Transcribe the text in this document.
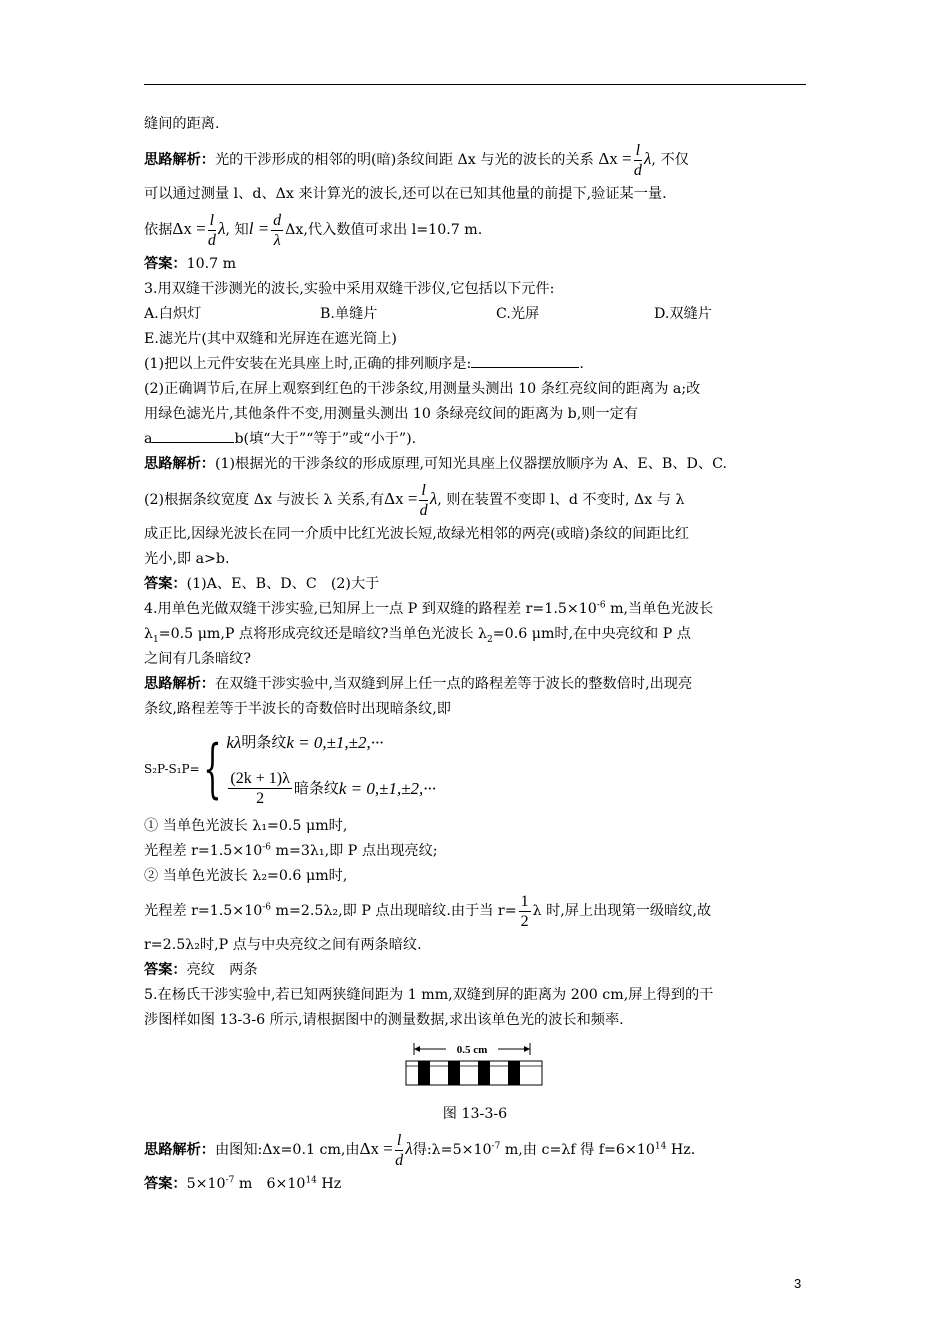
缝间的距离.

思路解析：光的干涉形成的相邻的明(暗)条纹间距 Δx 与光的波长的关系 $\Delta x = \frac{l}{d} \lambda$, 不仅

可以通过测量 l、d、Δx 来计算光的波长,还可以在已知其他量的前提下,验证某一量.

依据$\Delta x = \frac{l}{d} \lambda$, 知$l = \frac{d}{\lambda} \Delta x$,代入数值可求出 l=10.7 m.

答案：10.7 m

3.用双缝干涉测光的波长,实验中采用双缝干涉仪,它包括以下元件:

A.白炽灯	B.单缝片	C.光屏	D.双缝片

E.滤光片(其中双缝和光屏连在遮光筒上)

(1)把以上元件安装在光具座上时,正确的排列顺序是:	.

(2)正确调节后,在屏上观察到红色的干涉条纹,用测量头测出 10 条红亮纹间的距离为 a;改

用绿色滤光片,其他条件不变,用测量头测出 10 条绿亮纹间的距离为 b,则一定有

a	b(填“大于”“等于”或“小于”).

思路解析：(1)根据光的干涉条纹的形成原理,可知光具座上仪器摆放顺序为 A、E、B、D、C.

(2)根据条纹宽度 Δx 与波长 λ 关系,有$\Delta x = \frac{l}{d} \lambda$, 则在装置不变即 l、d 不变时, Δx 与 λ

成正比,因绿光波长在同一介质中比红光波长短,故绿光相邻的两亮(或暗)条纹的间距比红

光小,即 a>b.

答案：(1)A、E、B、D、C　(2)大于

4.用单色光做双缝干涉实验,已知屏上一点 P 到双缝的路程差 $r=1.5\times 10^{-6}$ m,当单色光波长

$\lambda_1=0.5$ μm,P 点将形成亮纹还是暗纹?当单色光波长 $\lambda_2=0.6$ μm时,在中央亮纹和 P 点

之间有几条暗纹?

思路解析：在双缝干涉实验中,当双缝到屏上任一点的路程差等于波长的整数倍时,出现亮

条纹,路程差等于半波长的奇数倍时出现暗条纹,即

S₂P-S₁P= { kλ 明条纹 k = 0,±1,±2,···
$\frac{(2k + 1)\lambda}{2}$ 暗条纹 k = 0,±1,±2,···

① 当单色光波长 λ₁=0.5 μm时,

光程差 $r=1.5\times 10^{-6}$ m=3λ₁,即 P 点出现亮纹;

② 当单色光波长 λ₂=0.6 μm时,

光程差 $r=1.5\times 10^{-6}$ m=2.5λ₂,即 P 点出现暗纹.由于当 $r= \frac{1}{2}$ λ 时,屏上出现第一级暗纹,故

r=2.5λ₂时,P 点与中央亮纹之间有两条暗纹.

答案：亮纹　两条

5.在杨氏干涉实验中,若已知两狭缝间距为 1 mm,双缝到屏的距离为 200 cm,屏上得到的干

涉图样如图 13-3-6 所示,请根据图中的测量数据,求出该单色光的波长和频率.

0.5 cm
图 13-3-6

思路解析：由图知:Δx=0.1 cm,由$\Delta x = \frac{l}{d}$ λ得$:\lambda=5\times 10^{-7}$ m,由 c=λf 得 $f=6\times 10^{14}$ Hz.

答案：$5\times 10^{-7}$ m　$6\times 10^{14}$ Hz

3
